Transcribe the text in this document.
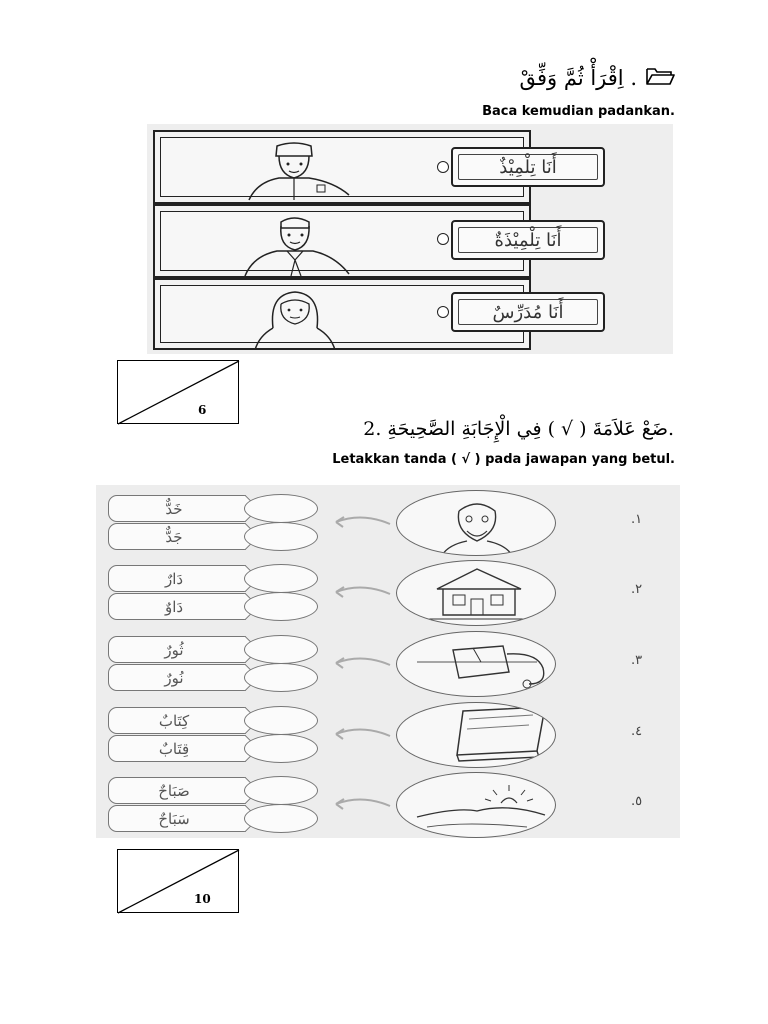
. اِقْرَأْ ثُمَّ وَفِّقْ
Baca kemudian padankan.
أَنَا تِلْمِيْذٌ
أَنَا تِلْمِيْذَةٌ
أَنَا مُدَرِّسٌ
6
2. ضَعْ عَلاَمَةَ ( √ ) فِي الْإِجَابَةِ الصَّحِيحَةِ.
Letakkan tanda ( √ ) pada jawapan yang betul.
خَدٌّ
جَدٌّ
.١
دَارٌ
دَاوٌ
.٢
ثُورٌ
نُورٌ
.٣
كِتَابٌ
قِتَابٌ
.٤
صَبَاحٌ
سَبَاحٌ
.٥
10
